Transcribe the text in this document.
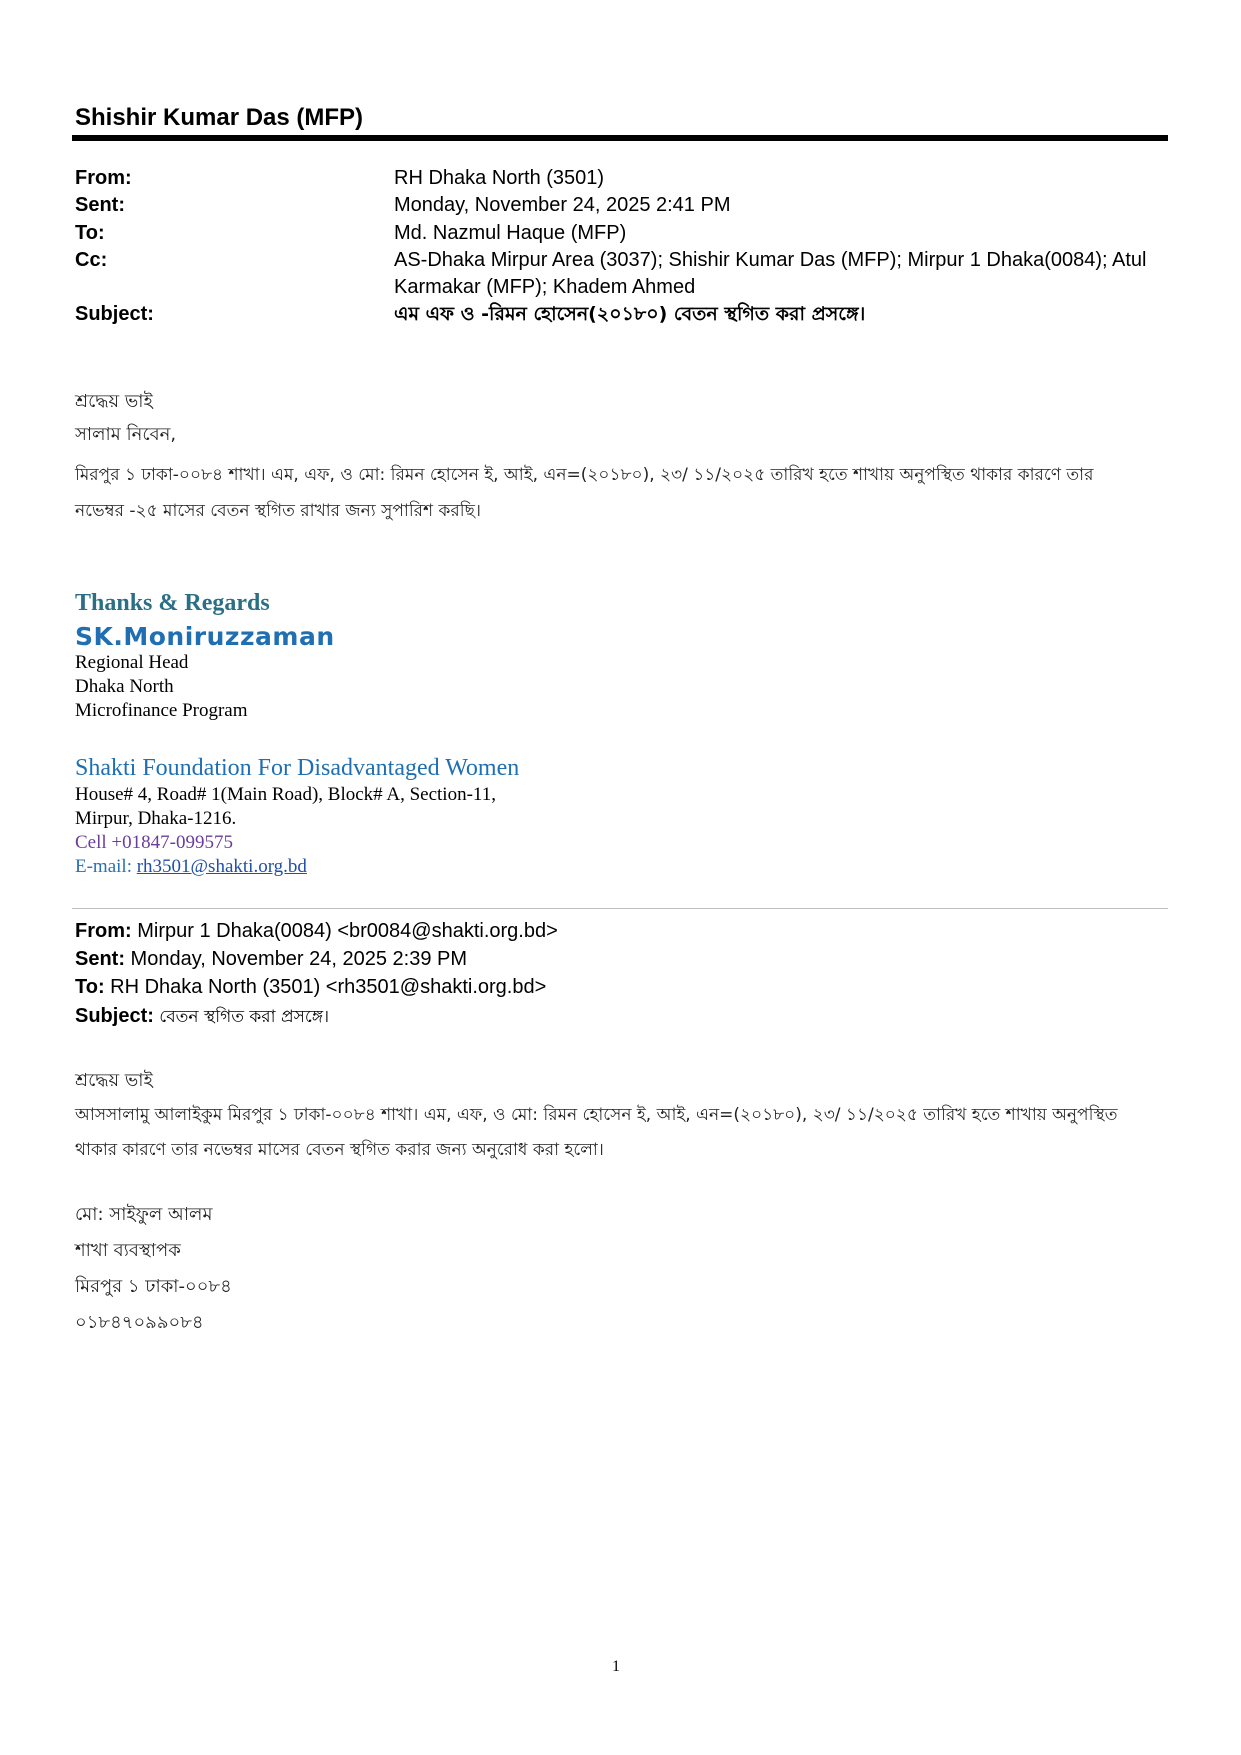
Shishir Kumar Das (MFP)
From:	RH Dhaka North (3501)
Sent:	Monday, November 24, 2025 2:41 PM
To:	Md. Nazmul Haque (MFP)
Cc:	AS-Dhaka Mirpur Area (3037); Shishir Kumar Das (MFP); Mirpur 1 Dhaka(0084); Atul
Karmakar (MFP); Khadem Ahmed
Subject:	এম এফ ও -রিমন হোসেন(২০১৮০) বেতন স্থগিত করা প্রসঙ্গে।
শ্রদ্ধেয় ভাই
সালাম নিবেন,
মিরপুর ১ ঢাকা-০০৮৪ শাখা। এম, এফ, ও মো: রিমন হোসেন ই, আই, এন=(২০১৮০), ২৩/ ১১/২০২৫ তারিখ হতে শাখায় অনুপস্থিত থাকার কারণে তার
নভেম্বর -২৫ মাসের বেতন স্থগিত রাখার জন্য সুপারিশ করছি।
Thanks & Regards
SK.Moniruzzaman
Regional Head
Dhaka North
Microfinance Program
Shakti Foundation For Disadvantaged Women
House# 4, Road# 1(Main Road), Block# A, Section-11,
Mirpur, Dhaka-1216.
Cell +01847-099575
E-mail: rh3501@shakti.org.bd
From: Mirpur 1 Dhaka(0084) <br0084@shakti.org.bd>
Sent: Monday, November 24, 2025 2:39 PM
To: RH Dhaka North (3501) <rh3501@shakti.org.bd>
Subject: বেতন স্থগিত করা প্রসঙ্গে।
শ্রদ্ধেয় ভাই
আসসালামু আলাইকুম মিরপুর ১ ঢাকা-০০৮৪ শাখা। এম, এফ, ও মো: রিমন হোসেন ই, আই, এন=(২০১৮০), ২৩/ ১১/২০২৫ তারিখ হতে শাখায় অনুপস্থিত
থাকার কারণে তার নভেম্বর মাসের বেতন স্থগিত করার জন্য অনুরোধ করা হলো।
মো: সাইফুল আলম
শাখা ব্যবস্থাপক
মিরপুর ১ ঢাকা-০০৮৪
০১৮৪৭০৯৯০৮৪
1
